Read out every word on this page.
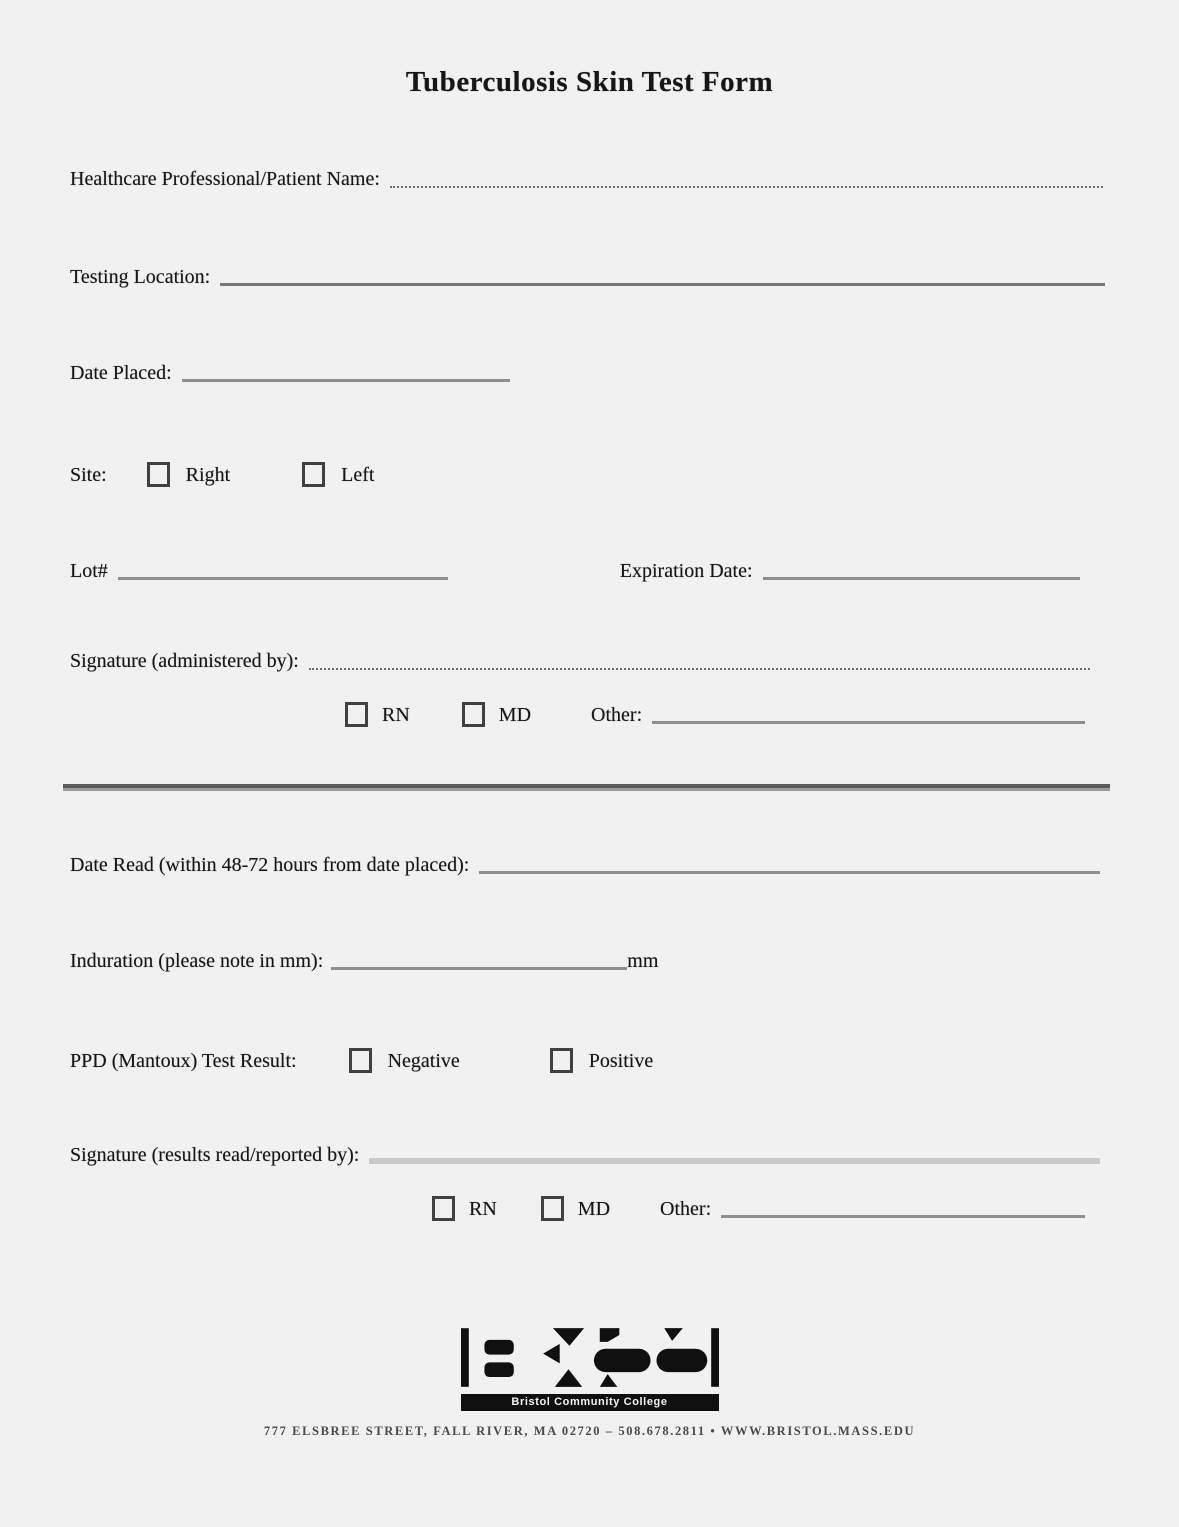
Tuberculosis Skin Test Form
Healthcare Professional/Patient Name:
Testing Location:
Date Placed:
Site:	Right	Left
Lot#	Expiration Date:
Signature (administered by):
RN	MD	Other:
Date Read (within 48-72 hours from date placed):
Induration (please note in mm):	mm
PPD (Mantoux) Test Result:	Negative	Positive
Signature (results read/reported by):
RN	MD	Other:
Bristol Community College
777 ELSBREE STREET, FALL RIVER, MA 02720 – 508.678.2811 • WWW.BRISTOL.MASS.EDU
